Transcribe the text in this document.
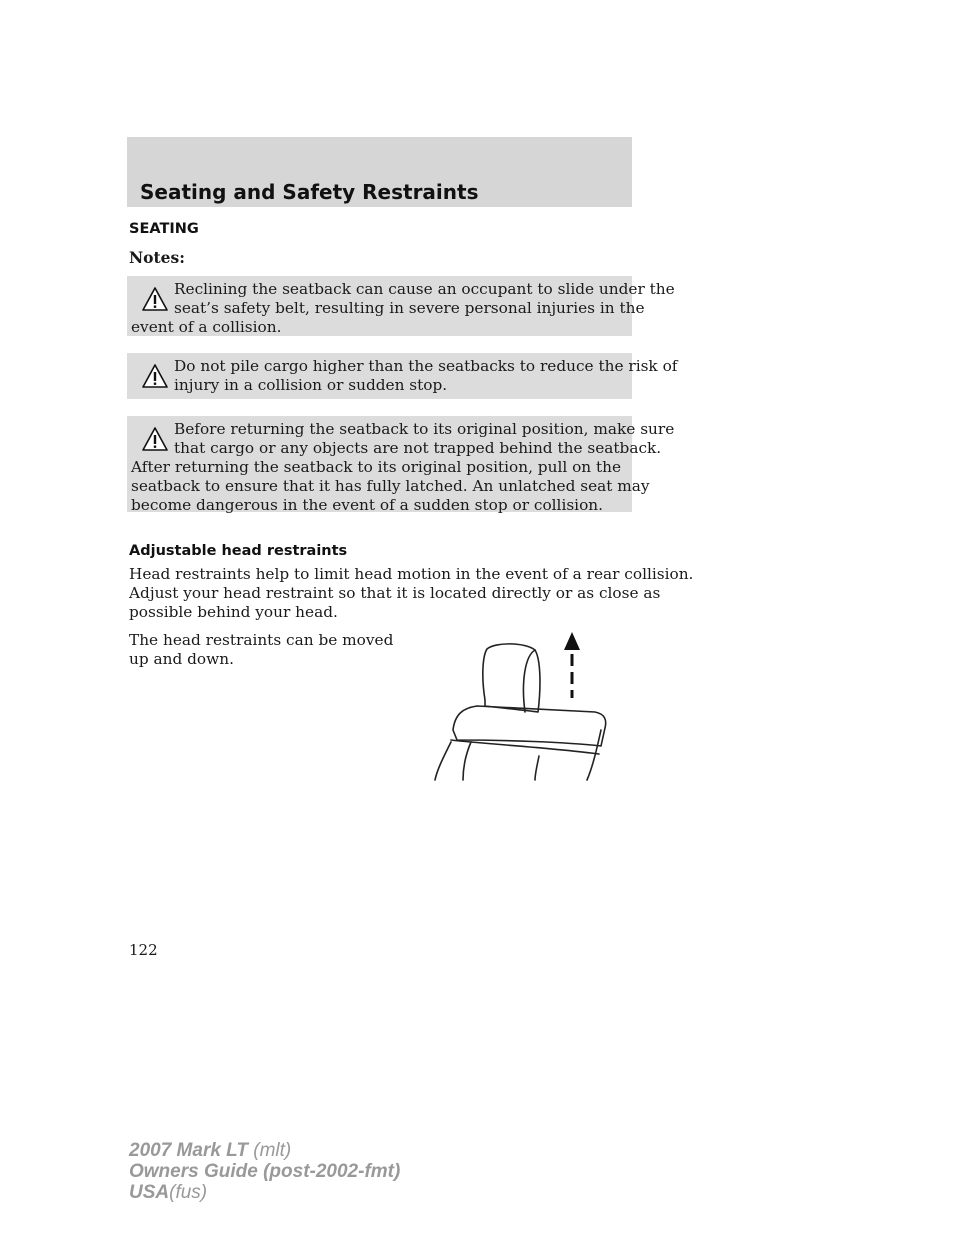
Seating and Safety Restraints
SEATING
Notes:
Reclining the seatback can cause an occupant to slide under the
seat’s safety belt, resulting in severe personal injuries in the
event of a collision.
Do not pile cargo higher than the seatbacks to reduce the risk of
injury in a collision or sudden stop.
Before returning the seatback to its original position, make sure
that cargo or any objects are not trapped behind the seatback.
After returning the seatback to its original position, pull on the
seatback to ensure that it has fully latched. An unlatched seat may
become dangerous in the event of a sudden stop or collision.
Adjustable head restraints
Head restraints help to limit head motion in the event of a rear collision.
Adjust your head restraint so that it is located directly or as close as
possible behind your head.
The head restraints can be moved
up and down.
122
2007 Mark LT (mlt)
Owners Guide (post-2002-fmt)
USA(fus)
